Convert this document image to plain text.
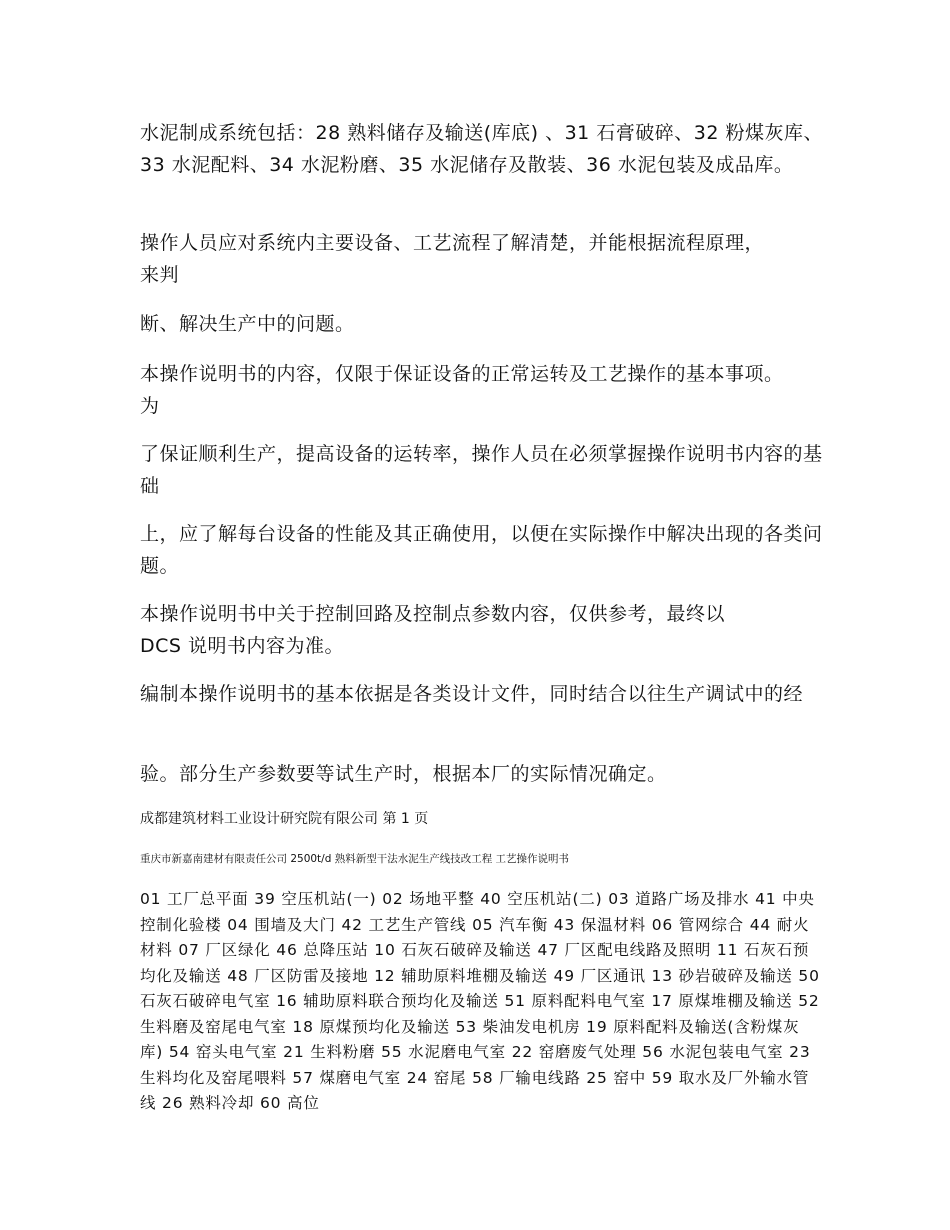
水泥制成系统包括：28 熟料储存及输送(库底) 、31 石膏破碎、32 粉煤灰库、33 水泥配料、34 水泥粉磨、35 水泥储存及散装、36 水泥包装及成品库。

操作人员应对系统内主要设备、工艺流程了解清楚，并能根据流程原理，
来判

断、解决生产中的问题。

本操作说明书的内容，仅限于保证设备的正常运转及工艺操作的基本事项。
为

了保证顺利生产，提高设备的运转率，操作人员在必须掌握操作说明书内容的基础

上，应了解每台设备的性能及其正确使用，以便在实际操作中解决出现的各类问题。

本操作说明书中关于控制回路及控制点参数内容，仅供参考，最终以
DCS 说明书内容为准。

编制本操作说明书的基本依据是各类设计文件，同时结合以往生产调试中的经

验。部分生产参数要等试生产时，根据本厂的实际情况确定。

成都建筑材料工业设计研究院有限公司 第 1 页

重庆市新嘉南建材有限责任公司 2500t/d 熟料新型干法水泥生产线技改工程 工艺操作说明书

01 工厂总平面 39 空压机站(一) 02 场地平整 40 空压机站(二) 03 道路广场及排水 41 中央控制化验楼 04 围墙及大门 42 工艺生产管线 05 汽车衡 43 保温材料 06 管网综合 44 耐火材料 07 厂区绿化 46 总降压站 10 石灰石破碎及输送 47 厂区配电线路及照明 11 石灰石预均化及输送 48 厂区防雷及接地 12 辅助原料堆棚及输送 49 厂区通讯 13 砂岩破碎及输送 50 石灰石破碎电气室 16 辅助原料联合预均化及输送 51 原料配料电气室 17 原煤堆棚及输送 52 生料磨及窑尾电气室 18 原煤预均化及输送 53 柴油发电机房 19 原料配料及输送(含粉煤灰库) 54 窑头电气室 21 生料粉磨 55 水泥磨电气室 22 窑磨废气处理 56 水泥包装电气室 23 生料均化及窑尾喂料 57 煤磨电气室 24 窑尾 58 厂输电线路 25 窑中 59 取水及厂外输水管线 26 熟料冷却 60 高位
